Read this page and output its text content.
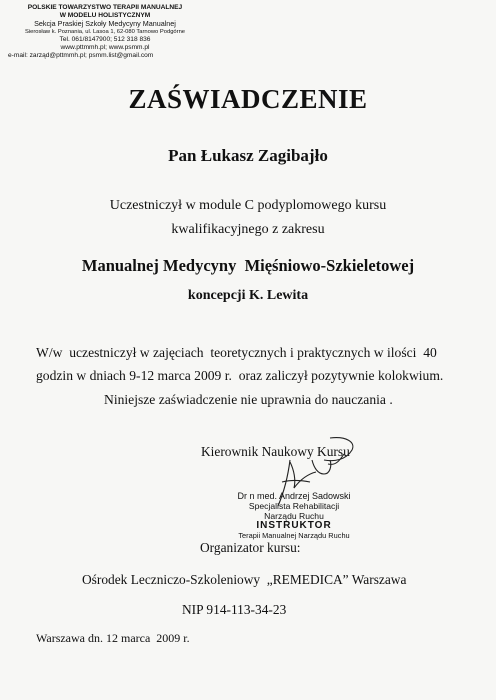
POLSKIE TOWARZYSTWO TERAPII MANUALNEJ
W MODELU HOLISTYCZNYM
Sekcja Praskiej Szkoły Medycyny Manualnej
Sierosław k. Poznania, ul. Lasoa 1, 62-080 Tarnowo Podgórne
Tel. 061/8147900; 512 318 836
www.pttmmh.pl; www.psmm.pl
e-mail: zarząd@pttmmh.pl; psmm.list@gmail.com
ZAŚWIADCZENIE
Pan Łukasz Zagibajło
Uczestniczył w module C podyplomowego kursu
kwalifikacyjnego z zakresu
Manualnej Medycyny  Mięśniowo-Szkieletowej
koncepcji K. Lewita
W/w  uczestniczył w zajęciach  teoretycznych i praktycznych w ilości  40
godzin w dniach 9-12 marca 2009 r.  oraz zaliczył pozytywnie kolokwium.
Niniejsze zaświadczenie nie uprawnia do nauczania .
Kierownik Naukowy Kursu
Dr n med. Andrzej Sadowski
Specjalista Rehabilitacji
Narządu Ruchu
INSTRUKTOR
Terapii Manualnej Narządu Ruchu
Organizator kursu:
Ośrodek Leczniczo-Szkoleniowy  „REMEDICA” Warszawa
NIP 914-113-34-23
Warszawa dn. 12 marca  2009 r.
